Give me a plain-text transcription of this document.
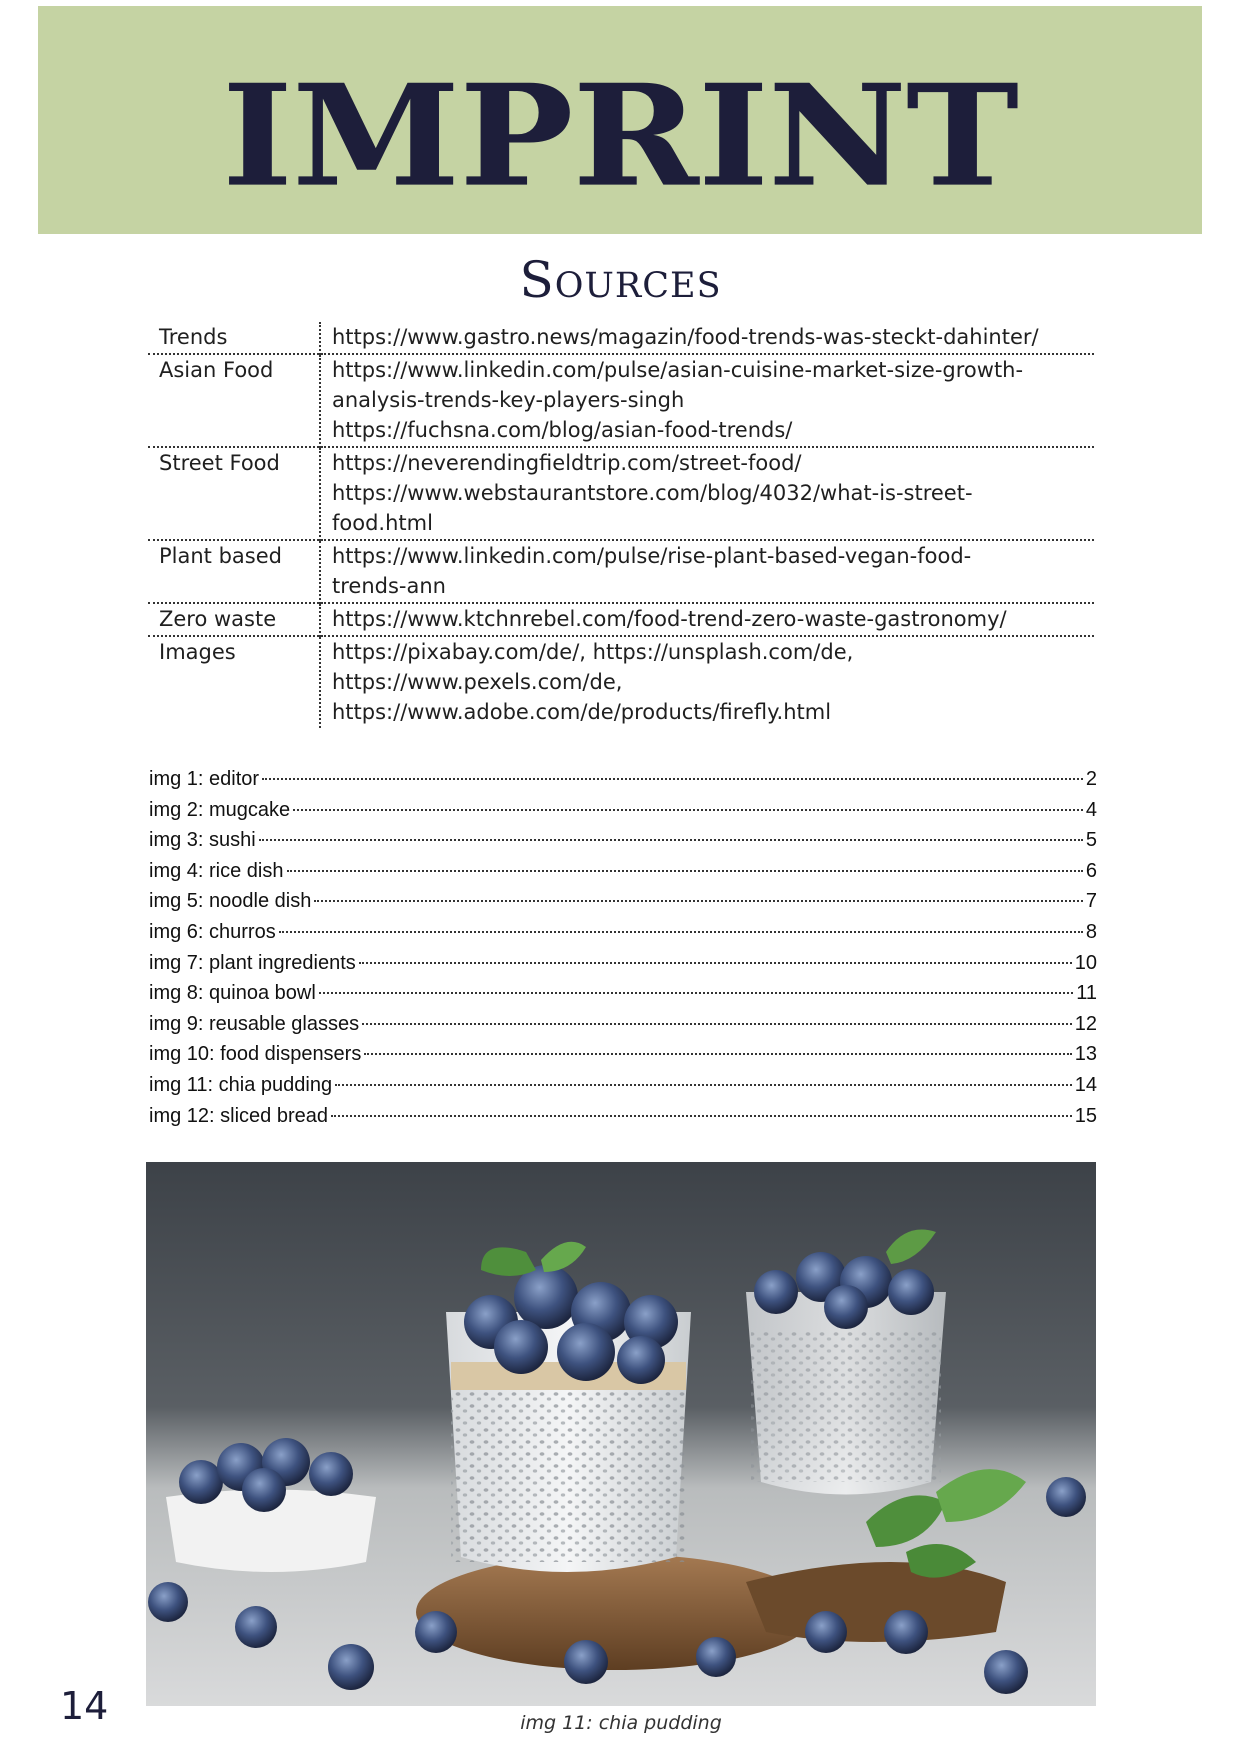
IMPRINT
Sources
Trends	https://www.gastro.news/magazin/food-trends-was-steckt-dahinter/

Asian Food	https://www.linkedin.com/pulse/asian-cuisine-market-size-growth-
analysis-trends-key-players-singh
https://fuchsna.com/blog/asian-food-trends/

Street Food	https://neverendingfieldtrip.com/street-food/
https://www.webstaurantstore.com/blog/4032/what-is-street-
food.html

Plant based	https://www.linkedin.com/pulse/rise-plant-based-vegan-food-
trends-ann

Zero waste	https://www.ktchnrebel.com/food-trend-zero-waste-gastronomy/

Images	https://pixabay.com/de/, https://unsplash.com/de,
https://www.pexels.com/de,
https://www.adobe.com/de/products/firefly.html
img 1: editor	2
img 2: mugcake	4
img 3: sushi	5
img 4: rice dish	6
img 5: noodle dish	7
img 6: churros	8
img 7: plant ingredients	10
img 8: quinoa bowl	11
img 9: reusable glasses	12
img 10: food dispensers	13
img 11: chia pudding	14
img 12: sliced bread	15
14	img 11: chia pudding
